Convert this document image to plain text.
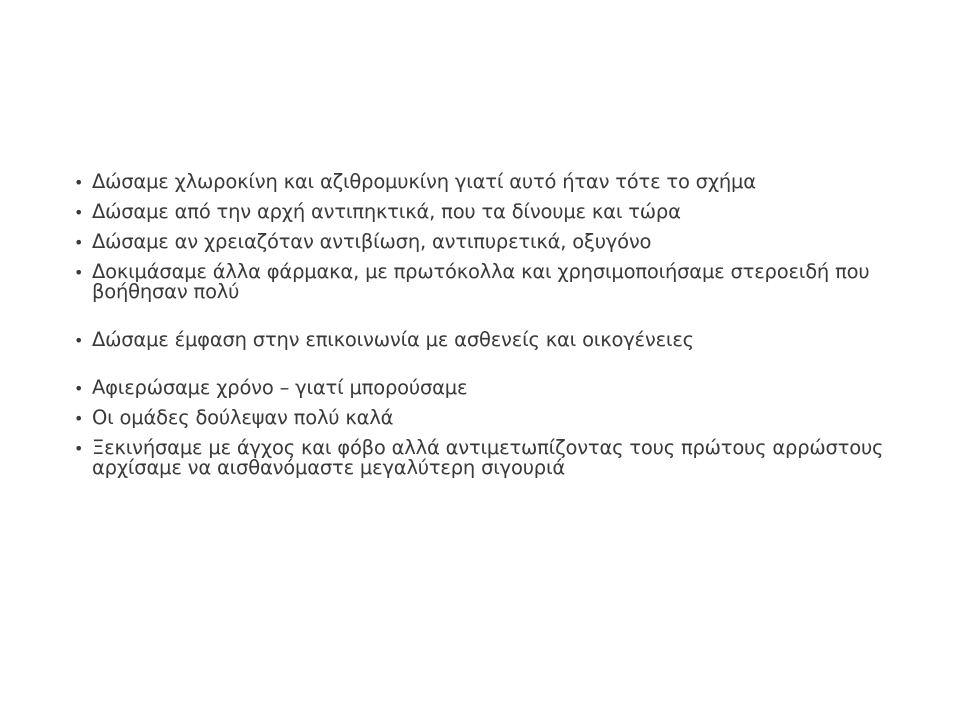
• Δώσαμε χλωροκίνη και αζιθρομυκίνη γιατί αυτό ήταν τότε το σχήμα
• Δώσαμε από την αρχή αντιπηκτικά, που τα δίνουμε και τώρα
• Δώσαμε αν χρειαζόταν αντιβίωση, αντιπυρετικά, οξυγόνο
• Δοκιμάσαμε άλλα φάρμακα, με πρωτόκολλα και χρησιμοποιήσαμε στεροειδή που βοήθησαν πολύ
• Δώσαμε έμφαση στην επικοινωνία με ασθενείς και οικογένειες
• Αφιερώσαμε χρόνο – γιατί μπορούσαμε
• Οι ομάδες δούλεψαν πολύ καλά
• Ξεκινήσαμε με άγχος και φόβο αλλά αντιμετωπίζοντας τους πρώτους αρρώστους αρχίσαμε να αισθανόμαστε μεγαλύτερη σιγουριά
